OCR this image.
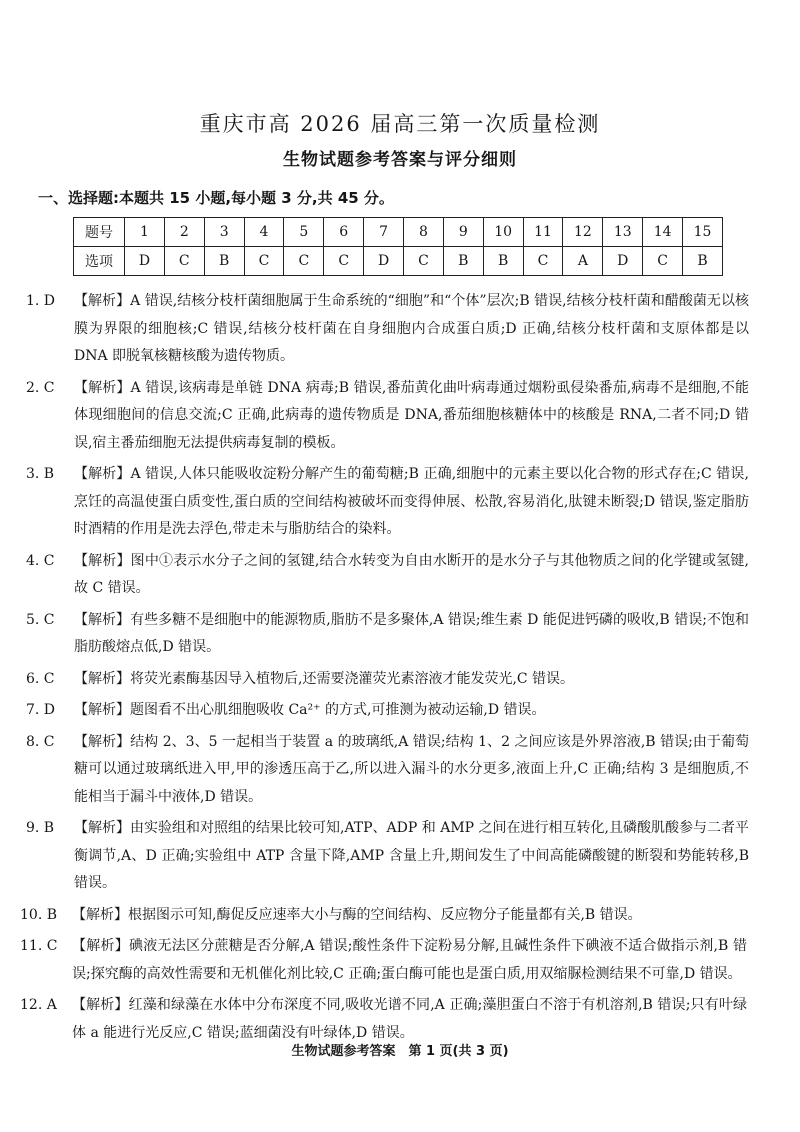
重庆市高 2026 届高三第一次质量检测
生物试题参考答案与评分细则
一、选择题:本题共 15 小题,每小题 3 分,共 45 分。
题号	1	2	3	4	5	6	7	8	9	10	11	12	13	14	15
选项	D	C	B	C	C	C	D	C	B	B	C	A	D	C	B
1. D	【解析】A 错误,结核分枝杆菌细胞属于生命系统的“细胞”和“个体”层次;B 错误,结核分枝杆菌和醋酸菌无以核膜为界限的细胞核;C 错误,结核分枝杆菌在自身细胞内合成蛋白质;D 正确,结核分枝杆菌和支原体都是以 DNA 即脱氧核糖核酸为遗传物质。
2. C	【解析】A 错误,该病毒是单链 DNA 病毒;B 错误,番茄黄化曲叶病毒通过烟粉虱侵染番茄,病毒不是细胞,不能体现细胞间的信息交流;C 正确,此病毒的遗传物质是 DNA,番茄细胞核糖体中的核酸是 RNA,二者不同;D 错误,宿主番茄细胞无法提供病毒复制的模板。
3. B	【解析】A 错误,人体只能吸收淀粉分解产生的葡萄糖;B 正确,细胞中的元素主要以化合物的形式存在;C 错误,烹饪的高温使蛋白质变性,蛋白质的空间结构被破坏而变得伸展、松散,容易消化,肽键未断裂;D 错误,鉴定脂肪时酒精的作用是洗去浮色,带走未与脂肪结合的染料。
4. C	【解析】图中①表示水分子之间的氢键,结合水转变为自由水断开的是水分子与其他物质之间的化学键或氢键,故 C 错误。
5. C	【解析】有些多糖不是细胞中的能源物质,脂肪不是多聚体,A 错误;维生素 D 能促进钙磷的吸收,B 错误;不饱和脂肪酸熔点低,D 错误。
6. C	【解析】将荧光素酶基因导入植物后,还需要浇灌荧光素溶液才能发荧光,C 错误。
7. D	【解析】题图看不出心肌细胞吸收 Ca²⁺ 的方式,可推测为被动运输,D 错误。
8. C	【解析】结构 2、3、5 一起相当于装置 a 的玻璃纸,A 错误;结构 1、2 之间应该是外界溶液,B 错误;由于葡萄糖可以通过玻璃纸进入甲,甲的渗透压高于乙,所以进入漏斗的水分更多,液面上升,C 正确;结构 3 是细胞质,不能相当于漏斗中液体,D 错误。
9. B	【解析】由实验组和对照组的结果比较可知,ATP、ADP 和 AMP 之间在进行相互转化,且磷酸肌酸参与二者平衡调节,A、D 正确;实验组中 ATP 含量下降,AMP 含量上升,期间发生了中间高能磷酸键的断裂和势能转移,B 错误。
10. B	【解析】根据图示可知,酶促反应速率大小与酶的空间结构、反应物分子能量都有关,B 错误。
11. C	【解析】碘液无法区分蔗糖是否分解,A 错误;酸性条件下淀粉易分解,且碱性条件下碘液不适合做指示剂,B 错误;探究酶的高效性需要和无机催化剂比较,C 正确;蛋白酶可能也是蛋白质,用双缩脲检测结果不可靠,D 错误。
12. A	【解析】红藻和绿藻在水体中分布深度不同,吸收光谱不同,A 正确;藻胆蛋白不溶于有机溶剂,B 错误;只有叶绿体 a 能进行光反应,C 错误;蓝细菌没有叶绿体,D 错误。
生物试题参考答案　第 1 页(共 3 页)
